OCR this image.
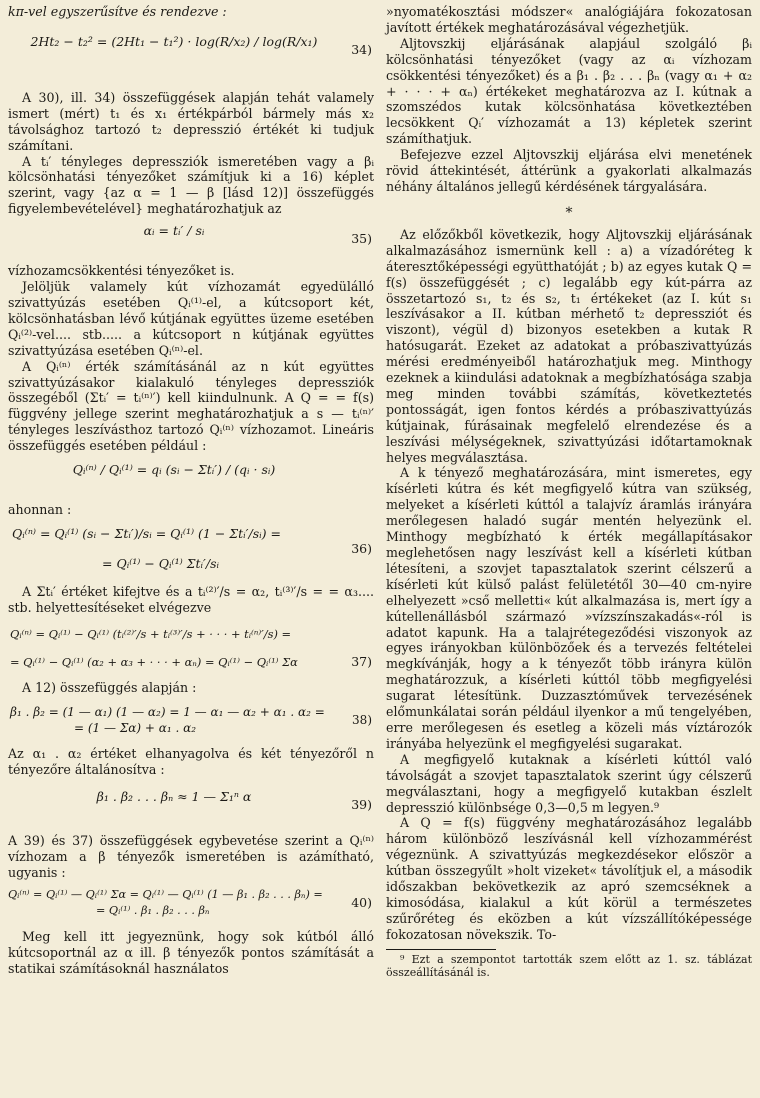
kπ-vel egyszerűsítve és rendezve :

2Ht₂ − t₂² = (2Ht₁ − t₁²) · log(R/x₂) / log(R/x₁)
34)

A 30), ill. 34) összefüggések alapján tehát valamely ismert (mért) t₁ és x₁ értékpárból bármely más x₂ távolsághoz tartozó t₂ depresszió értékét ki tudjuk számítani.

A tᵢ′ tényleges depressziók ismeretében vagy a βᵢ kölcsönhatási tényezőket számítjuk ki a 16) képlet szerint, vagy {az α = 1 — β [lásd 12)] összefüggés figyelembevételével} meghatározhatjuk az

αᵢ = tᵢ′ / sᵢ
35)

vízhozamcsökkentési tényezőket is.

Jelöljük valamely kút vízhozamát egyedülálló szivattyúzás esetében Qᵢ⁽¹⁾-el, a kútcsoport két, kölcsönhatásban lévő kútjának együttes üzeme esetében Qᵢ⁽²⁾-vel.... stb..... a kútcsoport n kútjának együttes szivattyúzása esetében Qᵢ⁽ⁿ⁾-el.

A Qᵢ⁽ⁿ⁾ érték számításánál az n kút együttes szivattyúzásakor kialakuló tényleges depressziók összegéből (Σtᵢ′ = tᵢ⁽ⁿ⁾′) kell kiindulnunk. A Q = = f(s) függvény jellege szerint meghatározhatjuk a s — tᵢ⁽ⁿ⁾′ tényleges leszívásthoz tartozó Qᵢ⁽ⁿ⁾ vízhozamot. Lineáris összefüggés esetében például :

Qᵢ⁽ⁿ⁾ / Qᵢ⁽¹⁾ = qᵢ (sᵢ − Σtᵢ′) / (qᵢ · sᵢ)

ahonnan :

Qᵢ⁽ⁿ⁾ = Qᵢ⁽¹⁾ (sᵢ − Σtᵢ′)/sᵢ = Qᵢ⁽¹⁾ (1 − Σtᵢ′/sᵢ) =
= Qᵢ⁽¹⁾ − Qᵢ⁽¹⁾ Σtᵢ′/sᵢ
36)

A Σtᵢ′ értéket kifejtve és a tᵢ⁽²⁾′/s = α₂, tᵢ⁽³⁾′/s = = α₃.... stb. helyettesítéseket elvégezve

Qᵢ⁽ⁿ⁾ = Qᵢ⁽¹⁾ − Qᵢ⁽¹⁾ (tᵢ⁽²⁾′/s + tᵢ⁽³⁾′/s + · · · + tᵢ⁽ⁿ⁾′/s) =
= Qᵢ⁽¹⁾ − Qᵢ⁽¹⁾ (α₂ + α₃ + · · · + αₙ) = Qᵢ⁽¹⁾ − Qᵢ⁽¹⁾ Σα	37)

A 12) összefüggés alapján :

β₁ . β₂ = (1 — α₁) (1 — α₂) = 1 — α₁ — α₂ + α₁ . α₂ =
= (1 — Σα) + α₁ . α₂
38)

Az α₁ . α₂ értéket elhanyagolva és két tényezőről n tényezőre általánosítva :

β₁ . β₂ . . . βₙ ≈ 1 — Σ₁ⁿ α
39)

A 39) és 37) összefüggések egybevetése szerint a Qᵢ⁽ⁿ⁾ vízhozam a β tényezők ismeretében is azámítható, ugyanis :

Qᵢ⁽ⁿ⁾ = Qᵢ⁽¹⁾ — Qᵢ⁽¹⁾ Σα = Qᵢ⁽¹⁾ — Qᵢ⁽¹⁾ (1 — β₁ . β₂ . . . βₙ) =
= Qᵢ⁽¹⁾ . β₁ . β₂ . . . βₙ
40)

Meg kell itt jegyeznünk, hogy sok kútból álló kútcsoportnál az α ill. β tényezők pontos számítását a statikai számításoknál használatos

»nyomatékosztási módszer« analógiájára fokozatosan javított értékek meghatározásával végezhetjük.

Aljtovszkij eljárásának alapjául szolgáló βᵢ kölcsönhatási tényezőket (vagy az αᵢ vízhozam csökkentési tényezőket) és a β₁ . β₂ . . . βₙ (vagy α₁ + α₂ + · · · + αₙ) értékeket meghatározva az I. kútnak a szomszédos kutak kölcsönhatása következtében lecsökkent Qᵢ′ vízhozamát a 13) képletek szerint számíthatjuk.

Befejezve ezzel Aljtovszkij eljárása elvi menetének rövid áttekintését, áttérünk a gyakorlati alkalmazás néhány általános jellegű kérdésének tárgyalására.

*

Az előzőkből következik, hogy Aljtovszkij eljárásának alkalmazásához ismernünk kell : a) a vízadóréteg k áteresztőképességi együtthatóját ; b) az egyes kutak Q = f(s) összefüggését ; c) legalább egy kút-párra az összetartozó s₁, t₂ és s₂, t₁ értékeket (az I. kút s₁ leszívásakor a II. kútban mérhető t₂ depressziót és viszont), végül d) bizonyos esetekben a kutak R hatósugarát. Ezeket az adatokat a próbaszivattyúzás mérési eredményeiből határozhatjuk meg. Minthogy ezeknek a kiindulási adatoknak a megbízhatósága szabja meg minden további számítás, következtetés pontosságát, igen fontos kérdés a próbaszivattyúzás kútjainak, fúrásainak megfelelő elrendezése és a leszívási mélységeknek, szivattyúzási időtartamoknak helyes megválasztása.

A k tényező meghatározására, mint ismeretes, egy kísérleti kútra és két megfigyelő kútra van szükség, melyeket a kísérleti kúttól a talajvíz áramlás irányára merőlegesen haladó sugár mentén helyezünk el. Minthogy megbízható k érték megállapításakor meglehetősen nagy leszívást kell a kísérleti kútban létesíteni, a szovjet tapasztalatok szerint célszerű a kísérleti kút külső palást felületétől 30—40 cm-nyire elhelyezett »cső melletti« kút alkalmazása is, mert így a kútellenállásból származó »vízszínszakadás«-ról is adatot kapunk. Ha a talajrétegeződési viszonyok az egyes irányokban különbözőek és a tervezés feltételei megkívánják, hogy a k tényezőt több irányra külön meghatározzuk, a kísérleti kúttól több megfigyelési sugarat létesítünk. Duzzasztóművek tervezésének előmunkálatai során például ilyenkor a mű tengelyében, erre merőlegesen és esetleg a közeli más víztározók irányába helyezünk el megfigyelési sugarakat.

A megfigyelő kutaknak a kísérleti kúttól való távolságát a szovjet tapasztalatok szerint úgy célszerű megválasztani, hogy a megfigyelő kutakban észlelt depresszió különbsége 0,3—0,5 m legyen.⁹

A Q = f(s) függvény meghatározásához legalább három különböző leszívásnál kell vízhozammérést végeznünk. A szivattyúzás megkezdésekor először a kútban összegyűlt »holt vizeket« távolítjuk el, a második időszakban bekövetkezik az apró szemcséknek a kimosódása, kialakul a kút körül a természetes szűrőréteg és eközben a kút vízszállítóképessége fokozatosan növekszik. To-

⁹ Ezt a szempontot tartották szem előtt az 1. sz. táblázat összeállításánál is.
